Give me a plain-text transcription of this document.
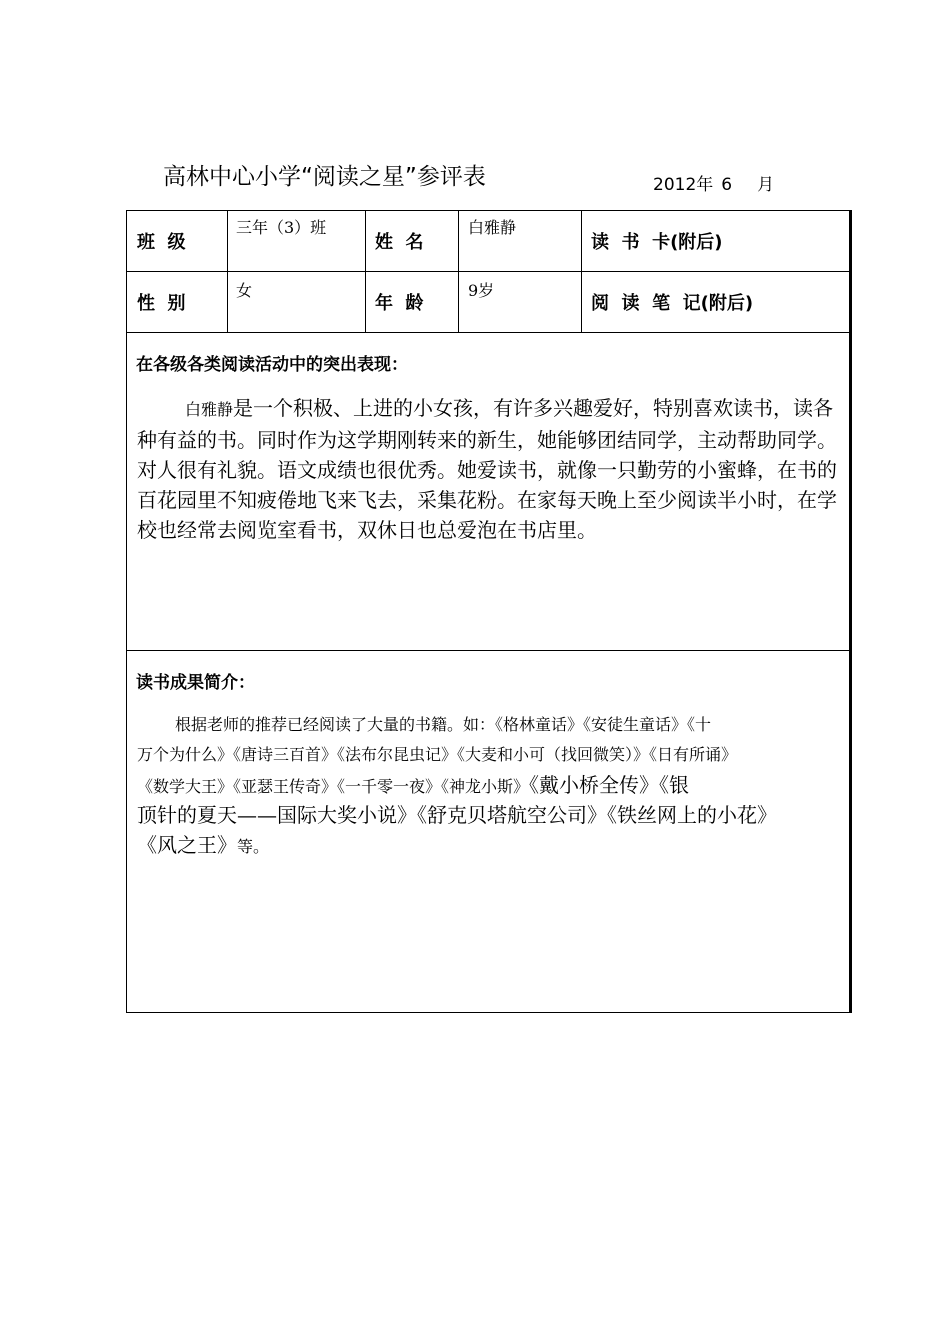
高林中心小学“阅读之星”参评表	2012年 6 月
班  级
三年（3）班
姓  名
白雅静
读  书  卡(附后)
性  别
女
年  龄
9岁
阅  读  笔  记(附后)
在各级各类阅读活动中的突出表现：
白雅静是一个积极、上进的小女孩，有许多兴趣爱好，特别喜欢读书，读各种有益的书。同时作为这学期刚转来的新生，她能够团结同学，主动帮助同学。对人很有礼貌。语文成绩也很优秀。她爱读书，就像一只勤劳的小蜜蜂，在书的百花园里不知疲倦地飞来飞去，采集花粉。在家每天晚上至少阅读半小时，在学校也经常去阅览室看书，双休日也总爱泡在书店里。
读书成果简介：
根据老师的推荐已经阅读了大量的书籍。如：《格林童话》《安徒生童话》《十
万个为什么》《唐诗三百首》《法布尔昆虫记》《大麦和小可（找回微笑）》《日有所诵》
《数学大王》《亚瑟王传奇》《一千零一夜》《神龙小斯》《戴小桥全传》《银
顶针的夏天——国际大奖小说》《舒克贝塔航空公司》《铁丝网上的小花》
《风之王》等。
